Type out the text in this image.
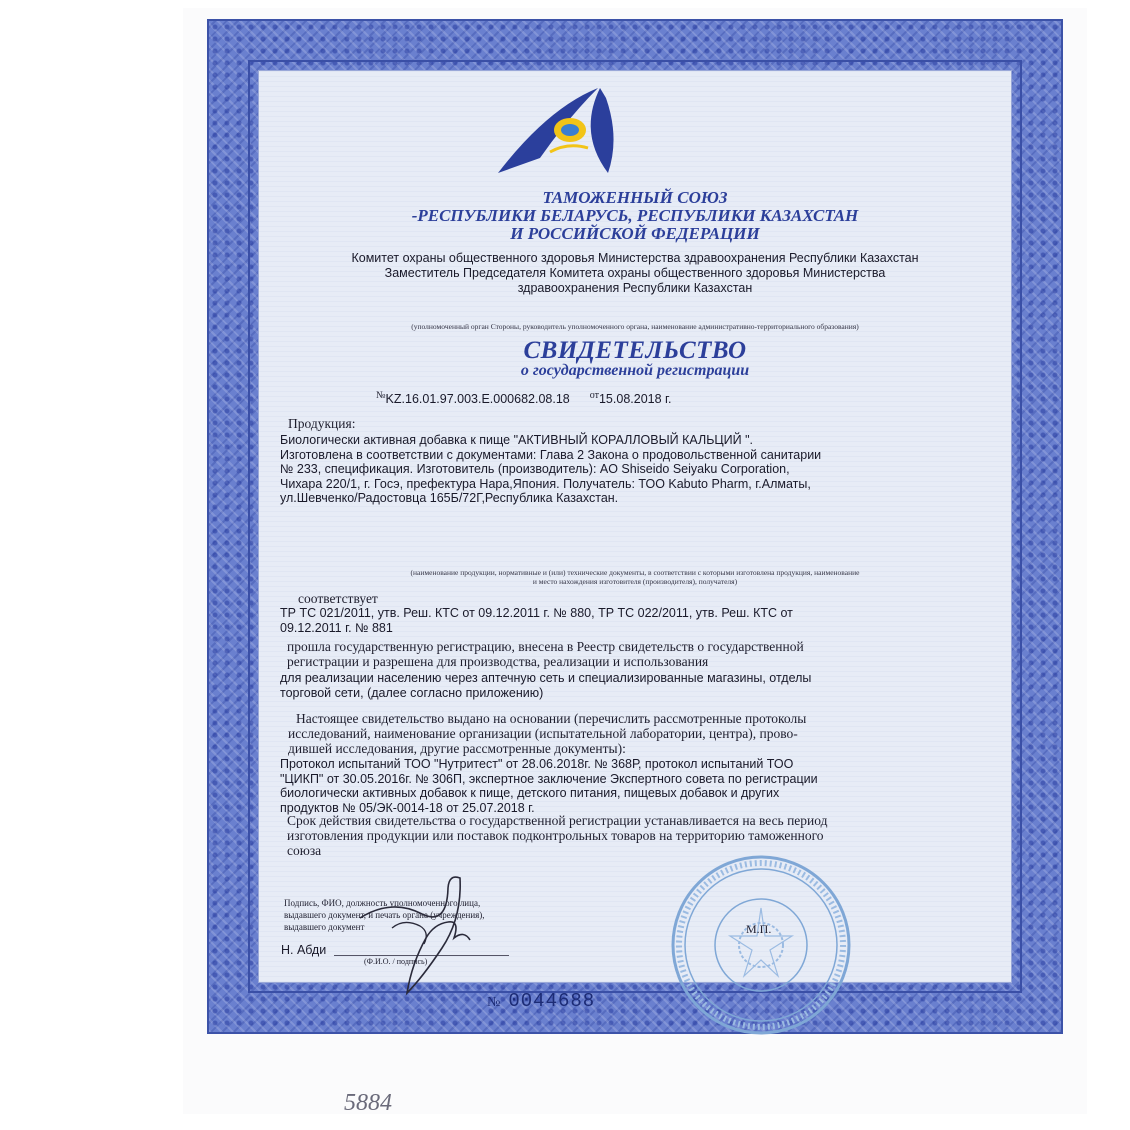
ТАМОЖЕННЫЙ СОЮЗ
-РЕСПУБЛИКИ БЕЛАРУСЬ, РЕСПУБЛИКИ КАЗАХСТАН
И РОССИЙСКОЙ ФЕДЕРАЦИИ
Комитет охраны общественного здоровья Министерства здравоохранения Республики Казахстан
Заместитель Председателя Комитета охраны общественного здоровья Министерства
здравоохранения Республики Казахстан
(уполномоченный орган Стороны, руководитель уполномоченного органа, наименование административно-территориального образования)
СВИДЕТЕЛЬСТВО
о государственной регистрации
№KZ.16.01.97.003.E.000682.08.18 $^{от}$15.08.2018 г.
Продукция:
Биологически активная добавка к пище "АКТИВНЫЙ КОРАЛЛОВЫЙ КАЛЬЦИЙ ".
Изготовлена в соответствии с документами: Глава 2 Закона о продовольственной санитарии
№ 233, спецификация. Изготовитель (производитель): AO Shiseido Seiyaku Corporation,
Чихара 220/1, г. Госэ, префектура Нара,Япония. Получатель: ТОО Kabuto Pharm, г.Алматы,
ул.Шевченко/Радостовца 165Б/72Г,Республика Казахстан.
(наименование продукции, нормативные и (или) технические документы, в соответствии с которыми изготовлена продукция, наименование
и место нахождения изготовителя (производителя), получателя)
соответствует
ТР ТС 021/2011, утв. Реш. КТС от 09.12.2011 г. № 880, ТР ТС 022/2011, утв. Реш. КТС от
09.12.2011 г. № 881
прошла государственную регистрацию, внесена в Реестр свидетельств о государственной
регистрации и разрешена для производства, реализации и использования
для реализации населению через аптечную сеть и специализированные магазины, отделы
торговой сети, (далее согласно приложению)
Настоящее свидетельство выдано на основании (перечислить рассмотренные протоколы
исследований, наименование организации (испытательной лаборатории, центра), прово-
дившей исследования, другие рассмотренные документы):
Протокол испытаний ТОО "Нутритест" от 28.06.2018г. № 368Р, протокол испытаний ТОО
"ЦИКП" от 30.05.2016г. № 306П, экспертное заключение Экспертного совета по регистрации
биологически активных добавок к пище, детского питания, пищевых добавок и других
продуктов № 05/ЭК-0014-18 от 25.07.2018 г.
Срок действия свидетельства о государственной регистрации устанавливается на весь период
изготовления продукции или поставок подконтрольных товаров на территорию таможенного
союза
Подпись, ФИО, должность уполномоченного лица,
выдавшего документ, и печать органа (учреждения),
выдавшего документ
Н. Абди
(Ф.И.О. / подпись)
М.П.
№ 0044688
5884
